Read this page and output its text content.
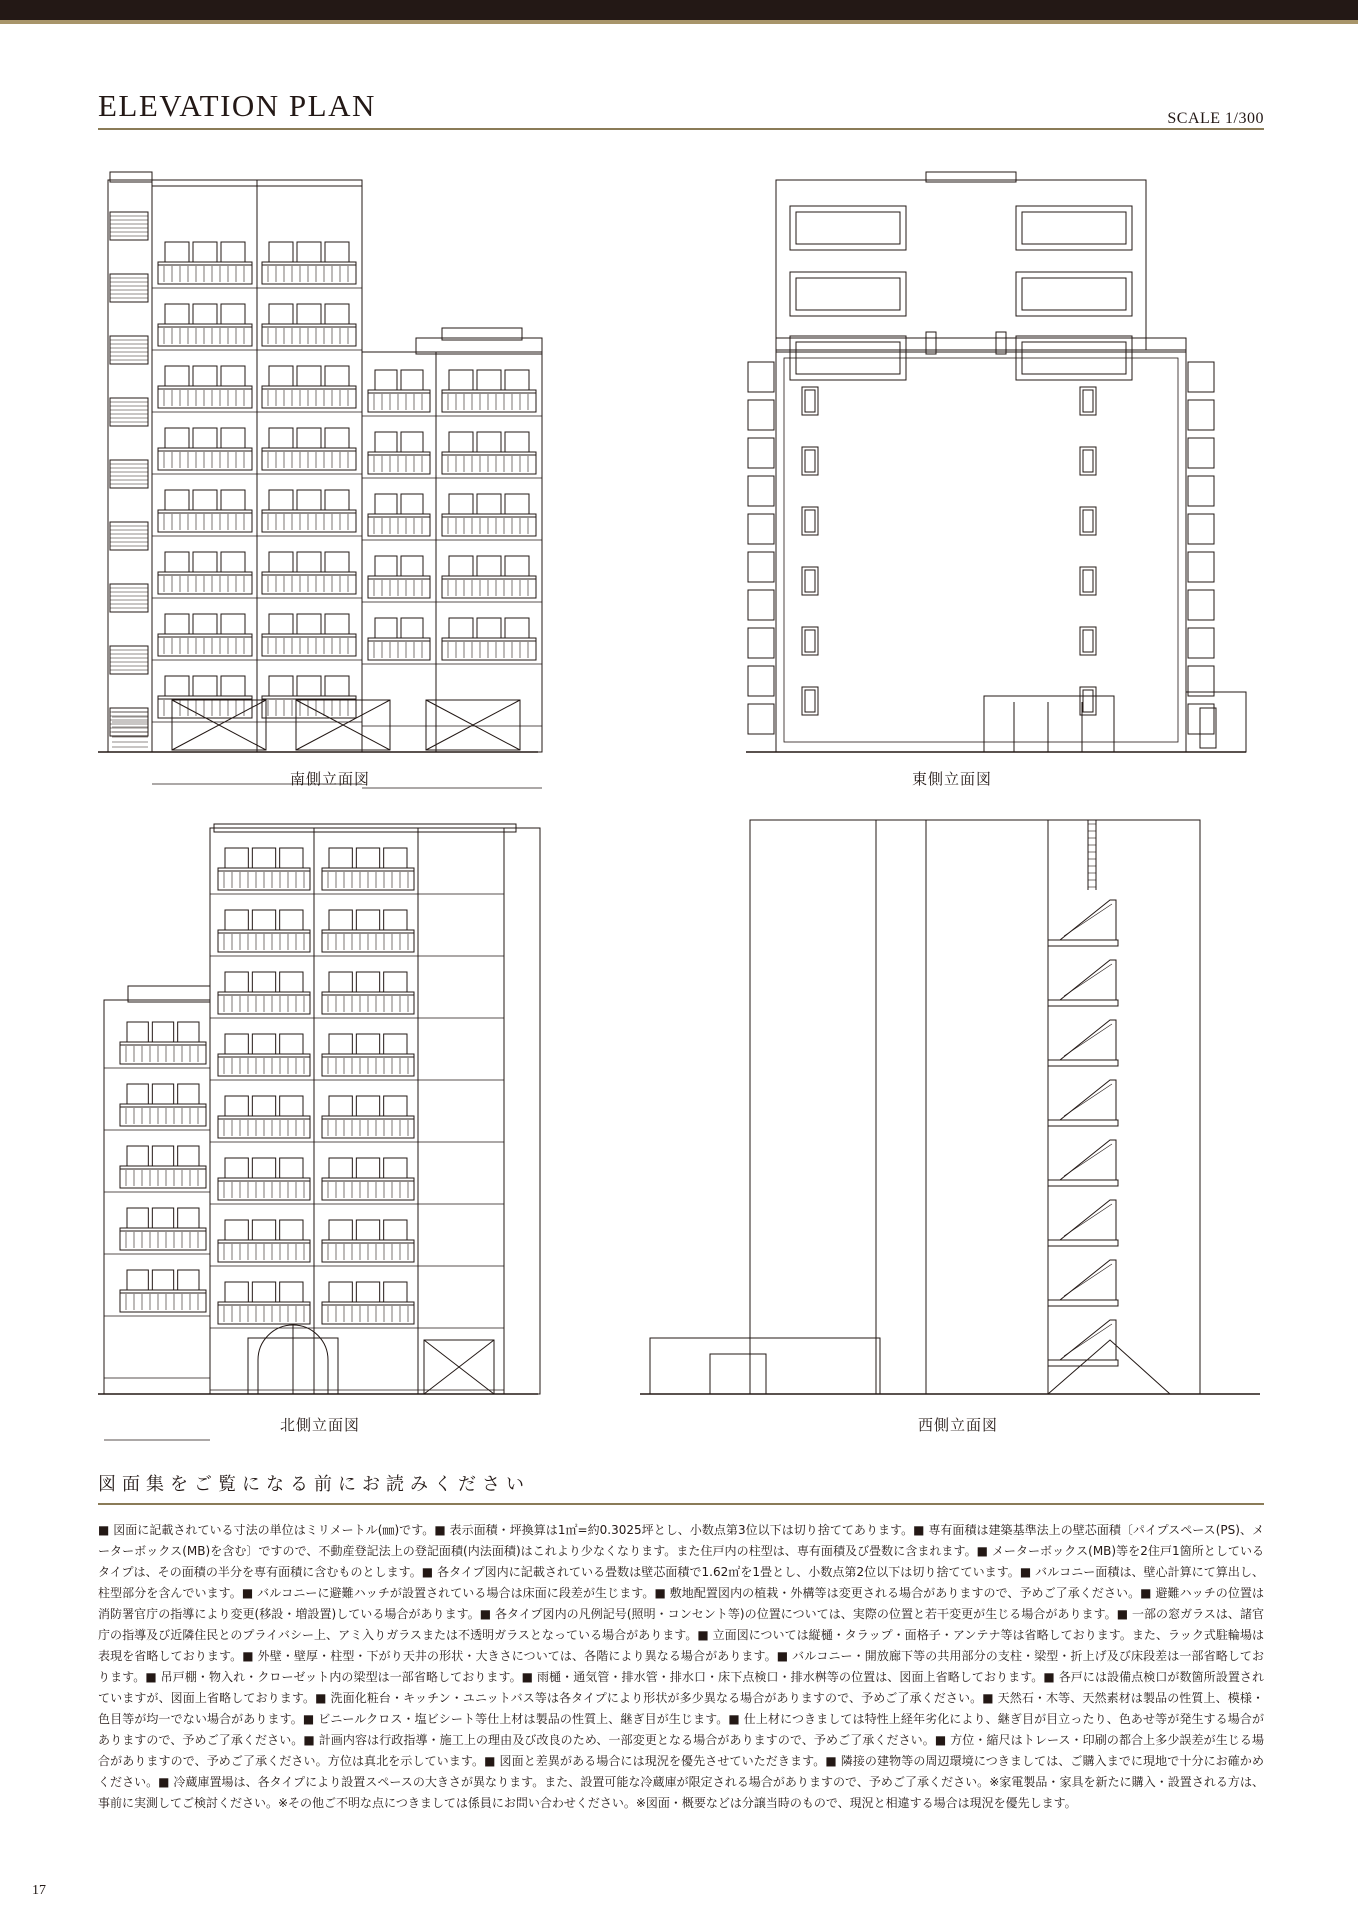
ELEVATION PLAN	SCALE 1/300
南側立面図	東側立面図
北側立面図	西側立面図
図面集をご覧になる前にお読みください
■ 図面に記載されている寸法の単位はミリメートル(㎜)です。■ 表示面積・坪換算は1㎡=約0.3025坪とし、小数点第3位以下は切り捨ててあります。■ 専有面積は建築基準法上の壁芯面積〔パイプスペース(PS)、メーターボックス(MB)を含む〕ですので、不動産登記法上の登記面積(内法面積)はこれより少なくなります。また住戸内の柱型は、専有面積及び畳数に含まれます。■ メーターボックス(MB)等を2住戸1箇所としているタイプは、その面積の半分を専有面積に含むものとします。■ 各タイプ図内に記載されている畳数は壁芯面積で1.62㎡を1畳とし、小数点第2位以下は切り捨てています。■ バルコニー面積は、壁心計算にて算出し、柱型部分を含んでいます。■ バルコニーに避難ハッチが設置されている場合は床面に段差が生じます。■ 敷地配置図内の植栽・外構等は変更される場合がありますので、予めご了承ください。■ 避難ハッチの位置は消防署官庁の指導により変更(移設・増設置)している場合があります。■ 各タイプ図内の凡例記号(照明・コンセント等)の位置については、実際の位置と若干変更が生じる場合があります。■ 一部の窓ガラスは、諸官庁の指導及び近隣住民とのプライバシー上、アミ入りガラスまたは不透明ガラスとなっている場合があります。■ 立面図については縦樋・タラップ・面格子・アンテナ等は省略しております。また、ラック式駐輪場は表現を省略しております。■ 外壁・壁厚・柱型・下がり天井の形状・大きさについては、各階により異なる場合があります。■ バルコニー・開放廊下等の共用部分の支柱・梁型・折上げ及び床段差は一部省略しております。■ 吊戸棚・物入れ・クローゼット内の梁型は一部省略しております。■ 雨樋・通気管・排水管・排水口・床下点検口・排水桝等の位置は、図面上省略しております。■ 各戸には設備点検口が数箇所設置されていますが、図面上省略しております。■ 洗面化粧台・キッチン・ユニットバス等は各タイプにより形状が多少異なる場合がありますので、予めご了承ください。■ 天然石・木等、天然素材は製品の性質上、模様・色目等が均一でない場合があります。■ ビニールクロス・塩ビシート等仕上材は製品の性質上、継ぎ目が生じます。■ 仕上材につきましては特性上経年劣化により、継ぎ目が目立ったり、色あせ等が発生する場合がありますので、予めご了承ください。■ 計画内容は行政指導・施工上の理由及び改良のため、一部変更となる場合がありますので、予めご了承ください。■ 方位・縮尺はトレース・印刷の都合上多少誤差が生じる場合がありますので、予めご了承ください。方位は真北を示しています。■ 図面と差異がある場合には現況を優先させていただきます。■ 隣接の建物等の周辺環境につきましては、ご購入までに現地で十分にお確かめください。■ 冷蔵庫置場は、各タイプにより設置スペースの大きさが異なります。また、設置可能な冷蔵庫が限定される場合がありますので、予めご了承ください。※家電製品・家具を新たに購入・設置される方は、事前に実測してご検討ください。※その他ご不明な点につきましては係員にお問い合わせください。※図面・概要などは分譲当時のもので、現況と相違する場合は現況を優先します。
17
